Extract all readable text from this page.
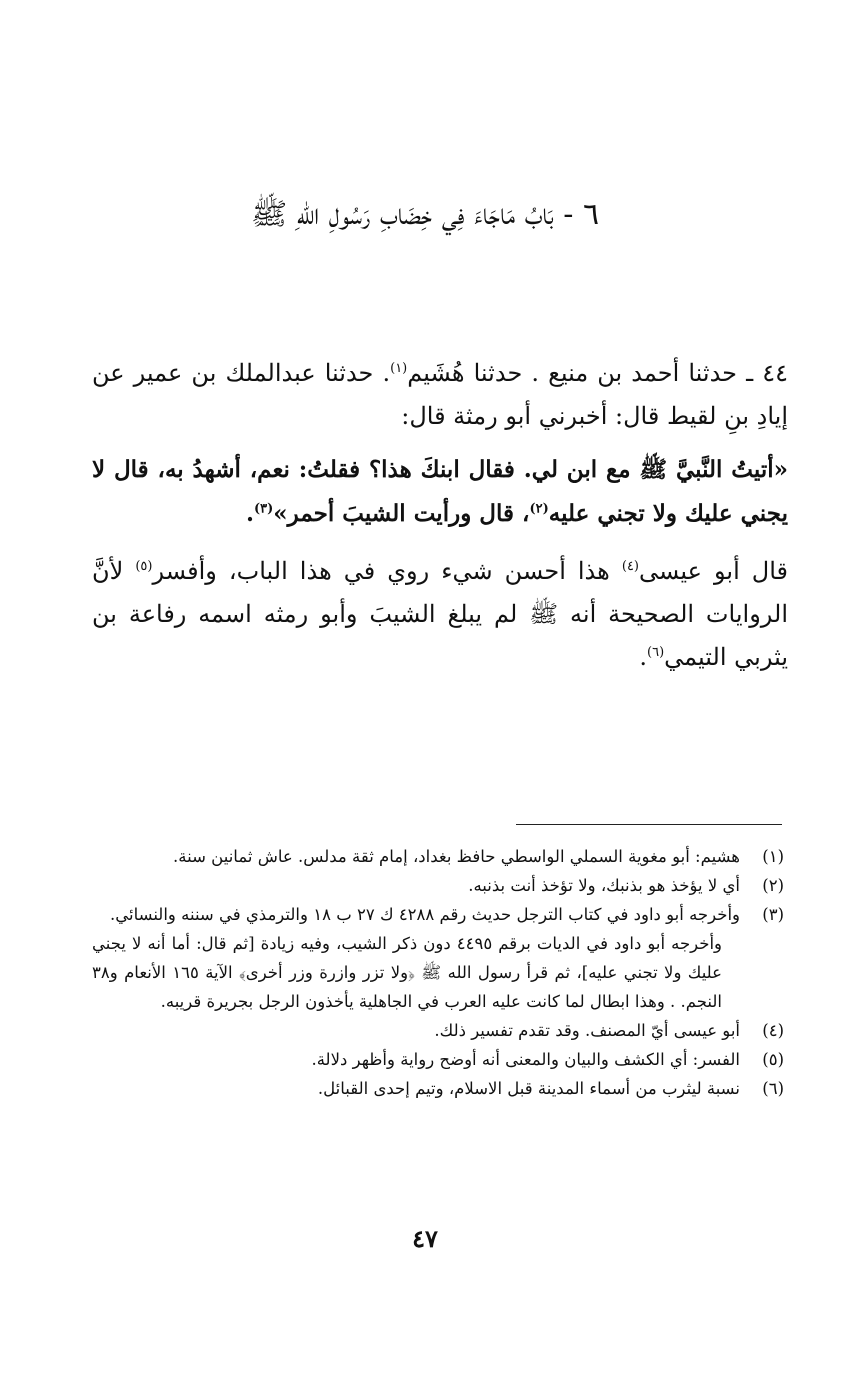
٦ - بَابُ مَاجَاءَ فِي خِضَابِ رَسُولِ اللهِ ﷺ
٤٤ ـ حدثنا أحمد بن منيع . حدثنا هُشَيم$^{(١)}$. حدثنا عبدالملك بن عمير عن إيادِ بنِ لقيط قال: أخبرني أبو رمثة قال:
«أتيتُ النَّبيَّ ﷺ مع ابن لي. فقال ابنكَ هذا؟ فقلتُ: نعم، أشهدُ به، قال لا يجني عليك ولا تجني عليه$^{(٢)}$، قال ورأيت الشيبَ أحمر»$^{(٣)}$.
قال أبو عيسى$^{(٤)}$ هذا أحسن شيء روي في هذا الباب، وأفسر$^{(٥)}$ لأنَّ الروايات الصحيحة أنه ﷺ لم يبلغ الشيبَ وأبو رمثه اسمه رفاعة بن يثربي التيمي$^{(٦)}$.
(١)
هشيم: أبو مغوية السملي الواسطي حافظ بغداد، إمام ثقة مدلس. عاش ثمانين سنة.
(٢)
أي لا يؤخذ هو بذنبك، ولا تؤخذ أنت بذنبه.
(٣)
وأخرجه أبو داود في كتاب الترجل حديث رقم ٤٢٨٨ ك ٢٧ ب ١٨ والترمذي في سننه والنسائي.
وأخرجه أبو داود في الديات برقم ٤٤٩٥ دون ذكر الشيب، وفيه زيادة [ثم قال: أما أنه لا يجني عليك ولا تجني عليه]، ثم قرأ رسول الله ﷺ ﴿ولا تزر وازرة وزر أخرى﴾ الآية ١٦٥ الأنعام و٣٨ النجم. . وهذا ابطال لما كانت عليه العرب في الجاهلية يأخذون الرجل بجريرة قريبه.
(٤)
أبو عيسى أيّ المصنف. وقد تقدم تفسير ذلك.
(٥)
الفسر: أي الكشف والبيان والمعنى أنه أوضح رواية وأظهر دلالة.
(٦)
نسبة ليثرب من أسماء المدينة قبل الاسلام، وتيم إحدى القبائل.
٤٧
